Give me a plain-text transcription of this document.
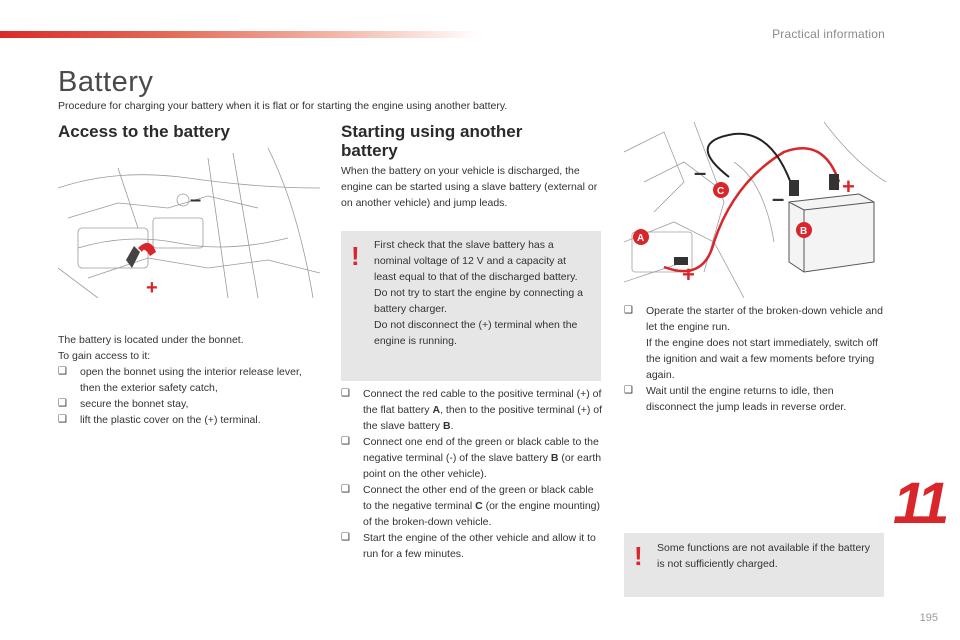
Practical information
Battery
Procedure for charging your battery when it is flat or for starting the engine using another battery.
Access to the battery
+
–
The battery is located under the bonnet.
To gain access to it:
❑ open the bonnet using the interior release lever, then the exterior safety catch,
❑ secure the bonnet stay,
❑ lift the plastic cover on the (+) terminal.
Starting using another battery
When the battery on your vehicle is discharged, the engine can be started using a slave battery (external or on another vehicle) and jump leads.
! First check that the slave battery has a nominal voltage of 12 V and a capacity at least equal to that of the discharged battery.
Do not try to start the engine by connecting a battery charger.
Do not disconnect the (+) terminal when the engine is running.
❑ Connect the red cable to the positive terminal (+) of the flat battery A, then to the positive terminal (+) of the slave battery B.
❑ Connect one end of the green or black cable to the negative terminal (-) of the slave battery B (or earth point on the other vehicle).
❑ Connect the other end of the green or black cable to the negative terminal C (or the engine mounting) of the broken-down vehicle.
❑ Start the engine of the other vehicle and allow it to run for a few minutes.
C
B
A
+
+
–
–
❑ Operate the starter of the broken-down vehicle and let the engine run.
If the engine does not start immediately, switch off the ignition and wait a few moments before trying again.
❑ Wait until the engine returns to idle, then disconnect the jump leads in reverse order.
11
! Some functions are not available if the battery is not sufficiently charged.
195
